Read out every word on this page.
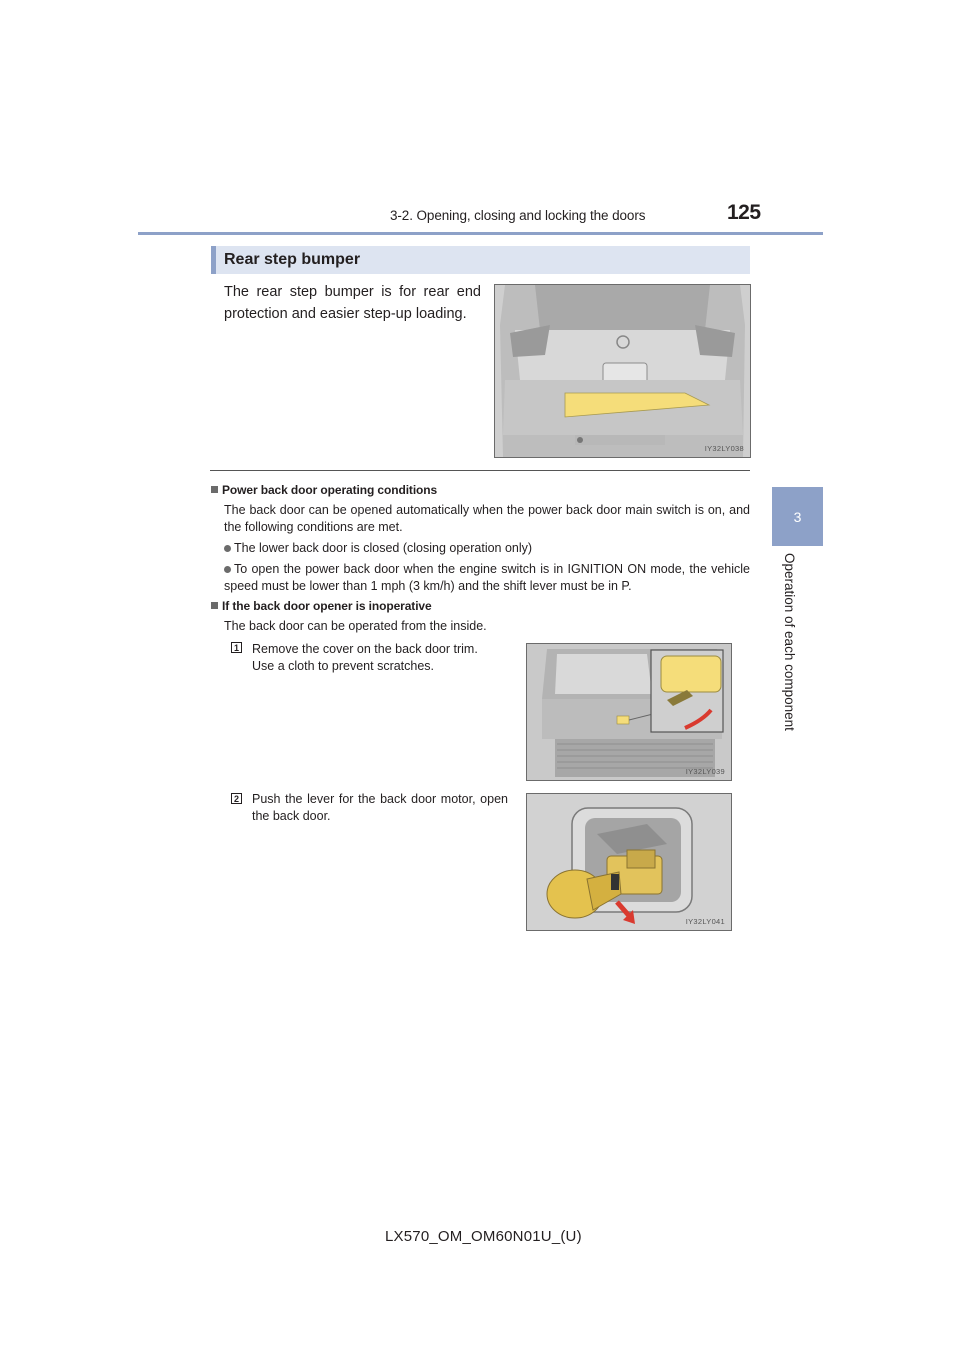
3-2. Opening, closing and locking the doors	125
3
Operation of each component
Rear step bumper
The rear step bumper is for rear end protection and easier step-up loading.
IY32LY038
Power back door operating conditions
The back door can be opened automatically when the power back door main switch is on, and the following conditions are met.
The lower back door is closed (closing operation only)
To open the power back door when the engine switch is in IGNITION ON mode, the vehicle speed must be lower than 1 mph (3 km/h) and the shift lever must be in P.
If the back door opener is inoperative
The back door can be operated from the inside.
1 Remove the cover on the back door trim.
Use a cloth to prevent scratches.
IY32LY039
2 Push the lever for the back door motor, open the back door.
IY32LY041
LX570_OM_OM60N01U_(U)
